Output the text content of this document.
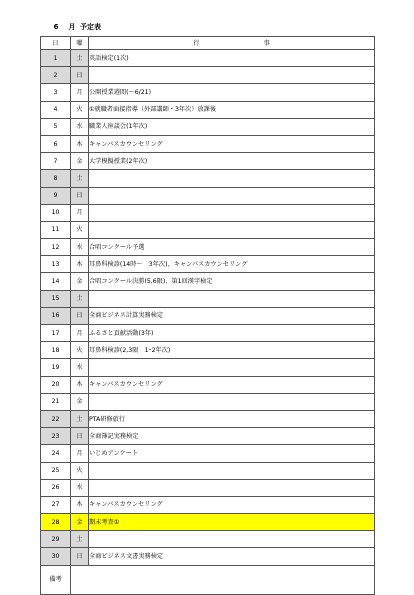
6 月 予定表
日	曜	行 事
1	土	英語検定(1次)
2	日	
3	月	公開授業週間(～6/21)
4	火	①就職者面接指導（外部講師・3年次）放課後
5	水	職業人座談会(1年次)
6	木	キャンパスカウンセリング
7	金	大学模擬授業(2年次)
8	土	
9	日	
10	月	
11	火	
12	水	合唱コンクール予選
13	木	耳鼻科検診(14時～　3年次)、キャンパスカウンセリング
14	金	合唱コンクール決勝(5,6限)、第1回漢字検定
15	土	
16	日	全商ビジネス計算実務検定
17	月	ふるさと貢献活動(3年)
18	火	耳鼻科検診(2,3限　1･2年次)
19	水	
20	木	キャンパスカウンセリング
21	金	
22	土	PTA研修旅行
23	日	全商簿記実務検定
24	月	いじめアンケート
25	火	
26	水	
27	木	キャンパスカウンセリング
28	金	期末考査①
29	土	
30	日	全商ビジネス文書実務検定
備考		
